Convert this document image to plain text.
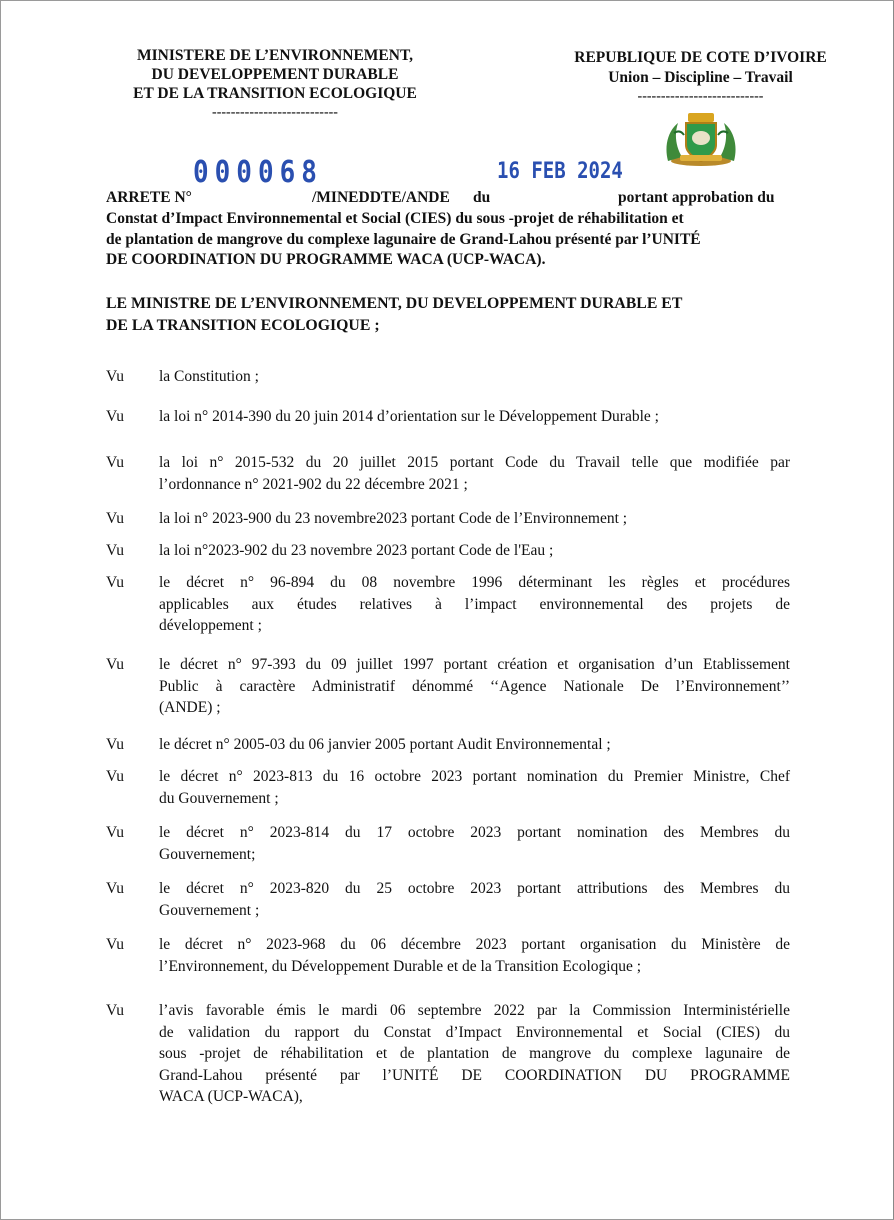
MINISTERE DE L’ENVIRONNEMENT,
DU DEVELOPPEMENT DURABLE
ET DE LA TRANSITION ECOLOGIQUE
---------------------------
REPUBLIQUE DE COTE D’IVOIRE
Union – Discipline – Travail
---------------------------
000068	16 FEB 2024
ARRETE N°	/MINEDDTE/ANDE du	portant approbation du
Constat d’Impact Environnemental et Social (CIES) du sous -projet de réhabilitation et
de plantation de mangrove du complexe lagunaire de Grand-Lahou présenté par l’UNITÉ
DE COORDINATION DU PROGRAMME WACA (UCP-WACA).
LE MINISTRE DE L’ENVIRONNEMENT, DU DEVELOPPEMENT DURABLE ET
DE LA TRANSITION ECOLOGIQUE ;
Vu	la Constitution ;
Vu	la loi n° 2014-390 du 20 juin 2014 d’orientation sur le Développement Durable ;
Vu	la loi n° 2015-532 du 20 juillet 2015 portant Code du Travail telle que modifiée par
l’ordonnance n° 2021-902 du 22 décembre 2021 ;
Vu	la loi n° 2023-900 du 23 novembre2023 portant Code de l’Environnement ;
Vu	la loi n°2023-902 du 23 novembre 2023 portant Code de l'Eau ;
Vu	le décret n° 96-894 du 08 novembre 1996 déterminant les règles et procédures
applicables aux études relatives à l’impact environnemental des projets de
développement ;
Vu	le décret n° 97-393 du 09 juillet 1997 portant création et organisation d’un Etablissement
Public à caractère Administratif dénommé ‘‘Agence Nationale De l’Environnement’’
(ANDE) ;
Vu	le décret n° 2005-03 du 06 janvier 2005 portant Audit Environnemental ;
Vu	le décret n° 2023-813 du 16 octobre 2023 portant nomination du Premier Ministre, Chef
du Gouvernement ;
Vu	le décret n° 2023-814 du 17 octobre 2023 portant nomination des Membres du
Gouvernement;
Vu	le décret n° 2023-820 du 25 octobre 2023 portant attributions des Membres du
Gouvernement ;
Vu	le décret n° 2023-968 du 06 décembre 2023 portant organisation du Ministère de
l’Environnement, du Développement Durable et de la Transition Ecologique ;
Vu	l’avis favorable émis le mardi 06 septembre 2022 par la Commission Interministérielle
de validation du rapport du Constat d’Impact Environnemental et Social (CIES) du
sous -projet de réhabilitation et de plantation de mangrove du complexe lagunaire de
Grand-Lahou présenté par l’UNITÉ DE COORDINATION DU PROGRAMME
WACA (UCP-WACA),
